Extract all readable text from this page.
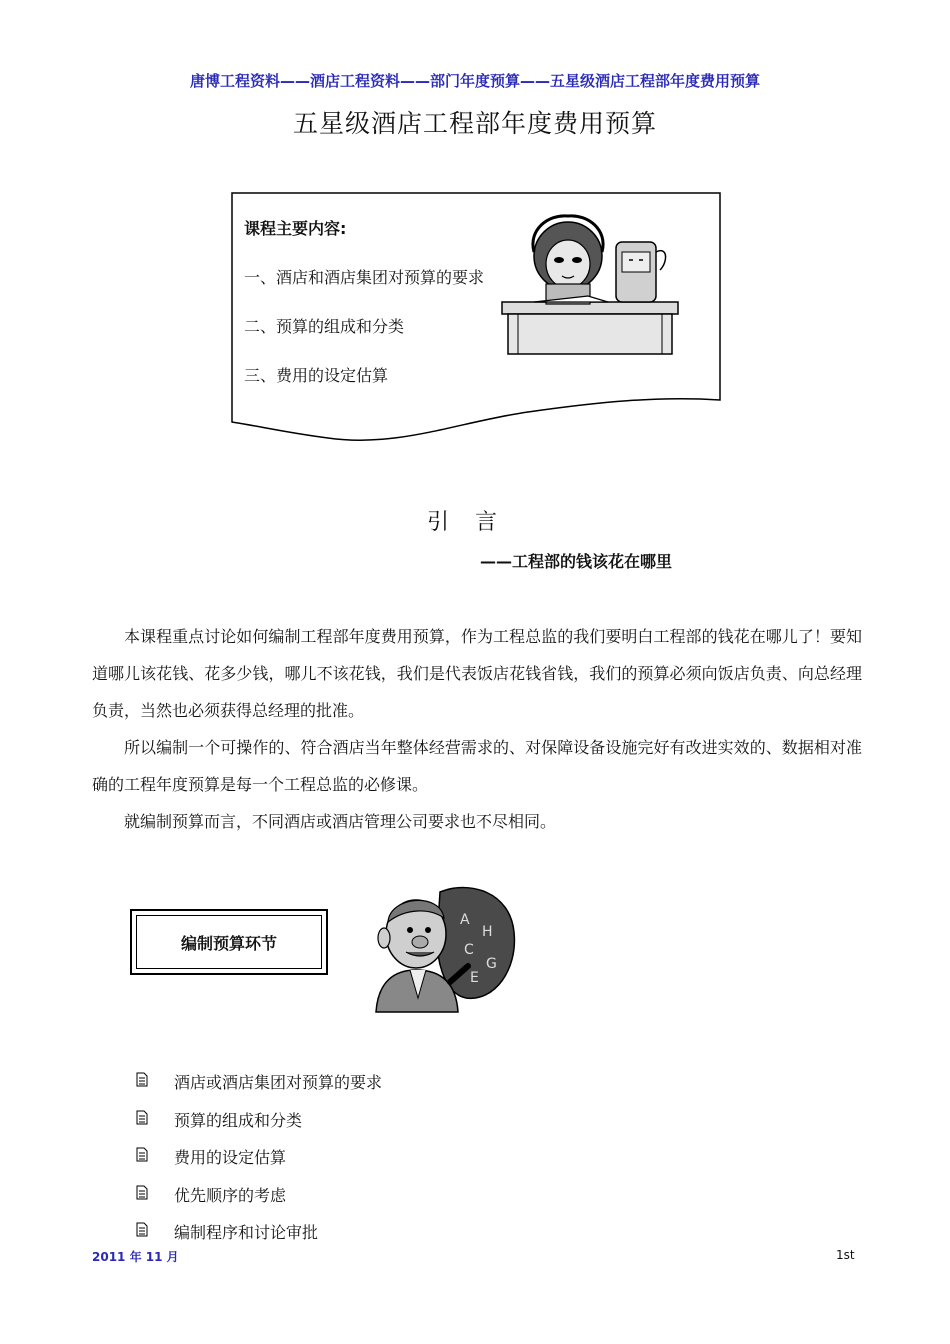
唐博工程资料——酒店工程资料——部门年度预算——五星级酒店工程部年度费用预算
五星级酒店工程部年度费用预算
课程主要内容:
一、酒店和酒店集团对预算的要求
二、预算的组成和分类
三、费用的设定估算
引言
——工程部的钱该花在哪里
本课程重点讨论如何编制工程部年度费用预算，作为工程总监的我们要明白工程部的钱花在哪儿了！要知道哪儿该花钱、花多少钱，哪儿不该花钱，我们是代表饭店花钱省钱，我们的预算必须向饭店负责、向总经理负责，当然也必须获得总经理的批准。
所以编制一个可操作的、符合酒店当年整体经营需求的、对保障设备设施完好有改进实效的、数据相对准确的工程年度预算是每一个工程总监的必修课。
就编制预算而言，不同酒店或酒店管理公司要求也不尽相同。
编制预算环节
A
H
C
G
E
酒店或酒店集团对预算的要求
预算的组成和分类
费用的设定估算
优先顺序的考虑
编制程序和讨论审批
2011 年 11 月	1st
